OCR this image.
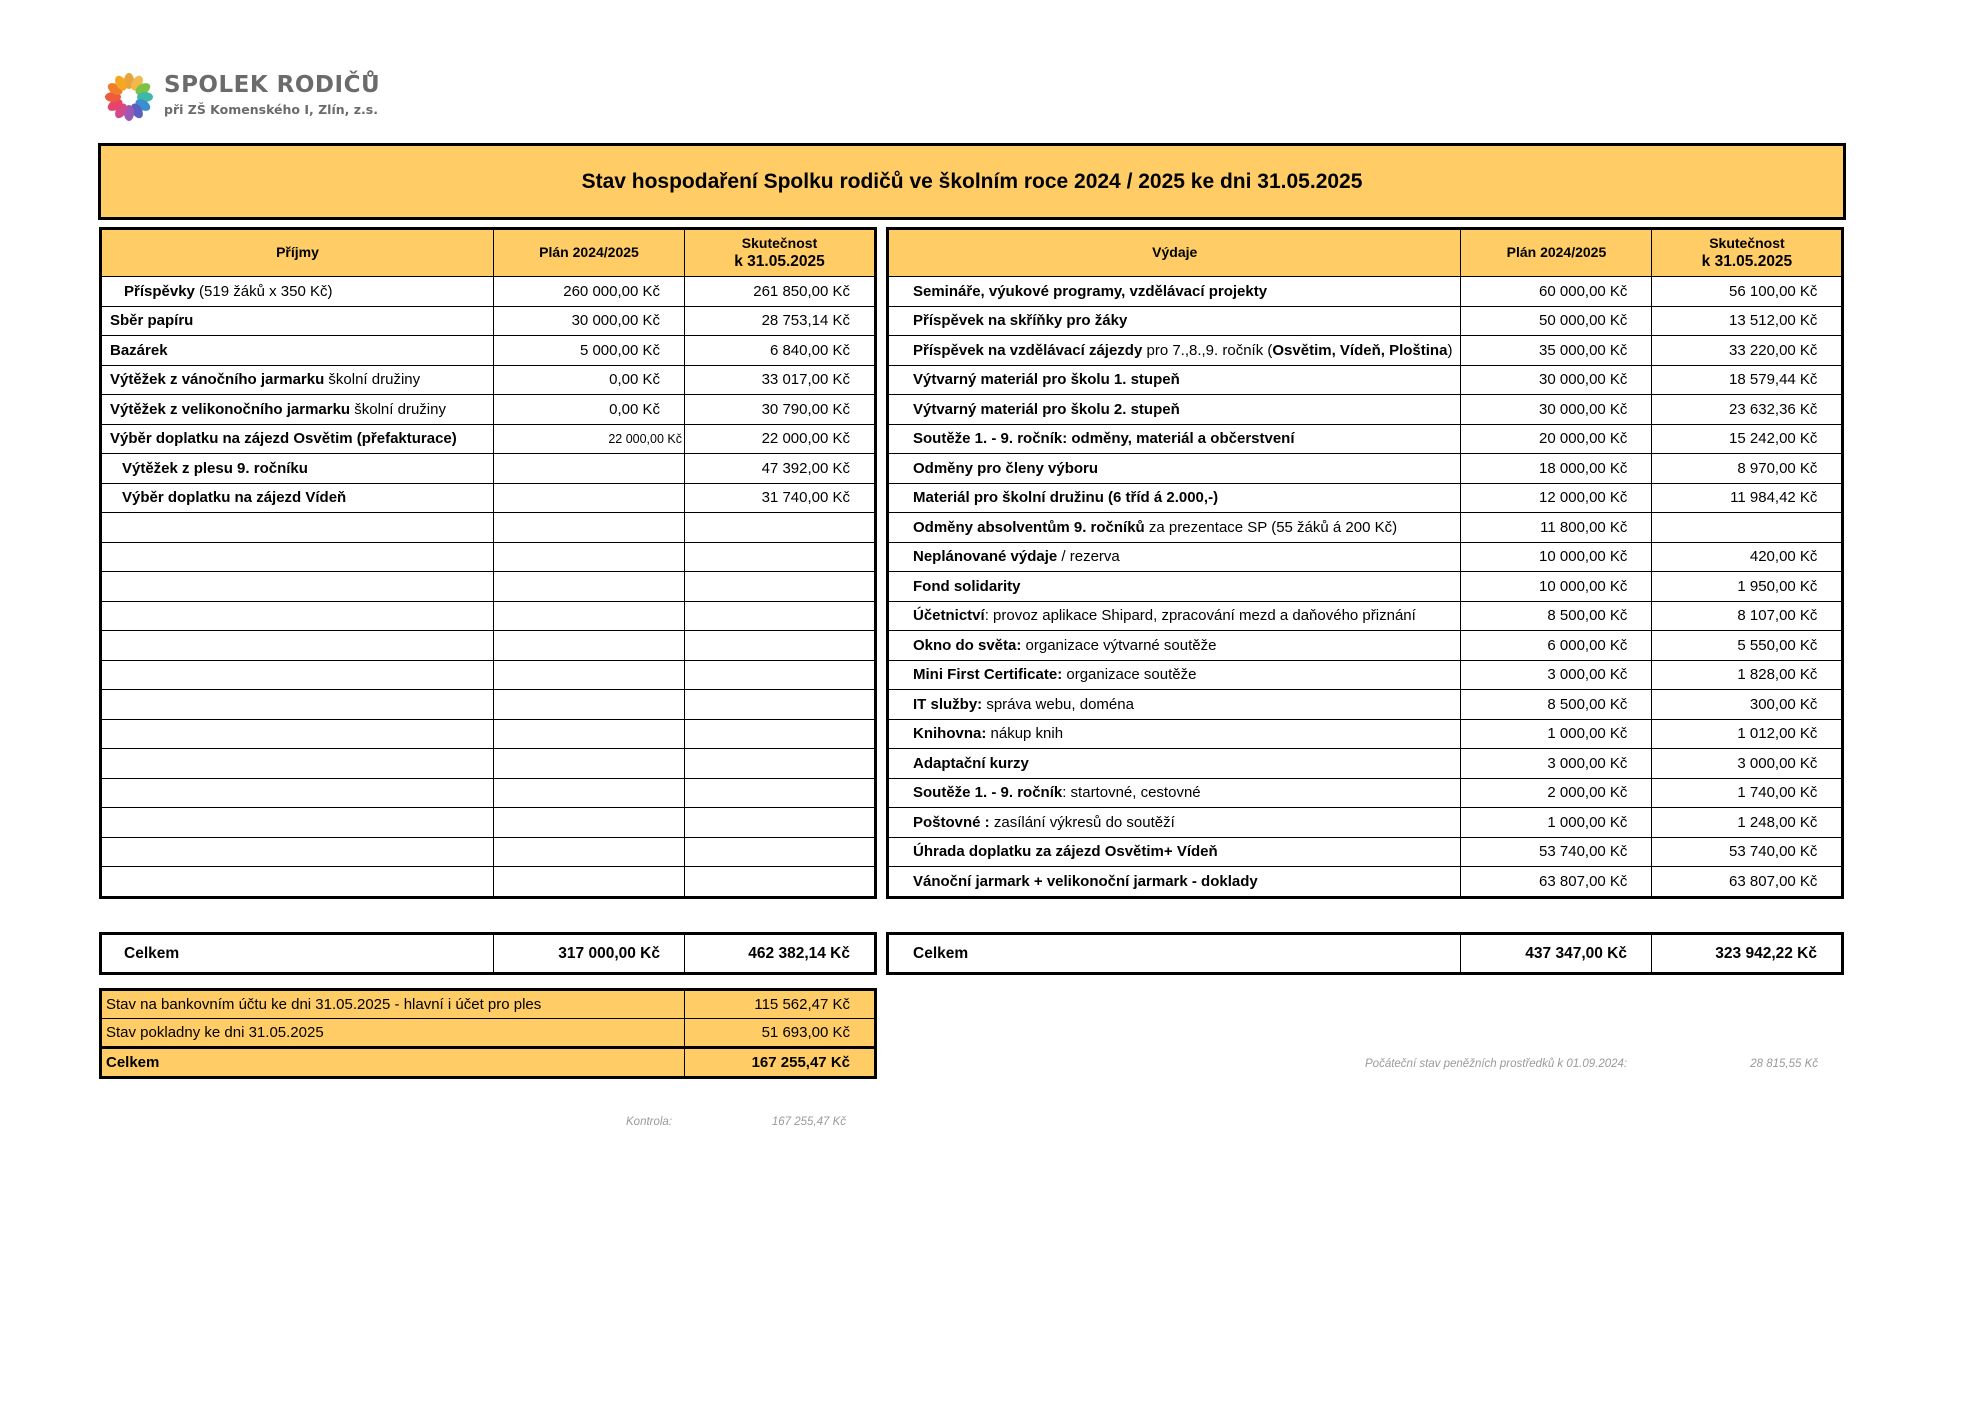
SPOLEK RODIČŮ
při ZŠ Komenského I, Zlín, z.s.
Stav hospodaření Spolku rodičů ve školním roce 2024 / 2025 ke dni 31.05.2025
Příjmy	Plán 2024/2025	Skutečnost
k 31.05.2025
Příspěvky (519 žáků x 350 Kč)	260 000,00 Kč	261 850,00 Kč
Sběr papíru	30 000,00 Kč	28 753,14 Kč
Bazárek	5 000,00 Kč	6 840,00 Kč
Výtěžek z vánočního jarmarku školní družiny	0,00 Kč	33 017,00 Kč
Výtěžek z velikonočního jarmarku školní družiny	0,00 Kč	30 790,00 Kč
Výběr doplatku na zájezd Osvětim (přefakturace)	22 000,00 Kč	22 000,00 Kč
Výtěžek z plesu 9. ročníku		47 392,00 Kč
Výběr doplatku na zájezd Vídeň		31 740,00 Kč

Výdaje	Plán 2024/2025	Skutečnost
k 31.05.2025
Semináře, výukové programy, vzdělávací projekty	60 000,00 Kč	56 100,00 Kč
Příspěvek na skříňky pro žáky	50 000,00 Kč	13 512,00 Kč
Příspěvek na vzdělávací zájezdy pro 7.,8.,9. ročník (Osvětim, Vídeň, Ploština)	35 000,00 Kč	33 220,00 Kč
Výtvarný materiál pro školu 1. stupeň	30 000,00 Kč	18 579,44 Kč
Výtvarný materiál pro školu 2. stupeň	30 000,00 Kč	23 632,36 Kč
Soutěže 1. - 9. ročník: odměny, materiál a občerstvení	20 000,00 Kč	15 242,00 Kč
Odměny pro členy výboru	18 000,00 Kč	8 970,00 Kč
Materiál pro školní družinu (6 tříd á 2.000,-)	12 000,00 Kč	11 984,42 Kč
Odměny absolventům 9. ročníků za prezentace SP (55 žáků á 200 Kč)	11 800,00 Kč	
Neplánované výdaje / rezerva	10 000,00 Kč	420,00 Kč
Fond solidarity	10 000,00 Kč	1 950,00 Kč
Účetnictví: provoz aplikace Shipard, zpracování mezd a daňového přiznání	8 500,00 Kč	8 107,00 Kč
Okno do světa: organizace výtvarné soutěže	6 000,00 Kč	5 550,00 Kč
Mini First Certificate: organizace soutěže	3 000,00 Kč	1 828,00 Kč
IT služby: správa webu, doména	8 500,00 Kč	300,00 Kč
Knihovna: nákup knih	1 000,00 Kč	1 012,00 Kč
Adaptační kurzy	3 000,00 Kč	3 000,00 Kč
Soutěže 1. - 9. ročník: startovné, cestovné	2 000,00 Kč	1 740,00 Kč
Poštovné : zasílání výkresů do soutěží	1 000,00 Kč	1 248,00 Kč
Úhrada doplatku za zájezd Osvětim+ Vídeň	53 740,00 Kč	53 740,00 Kč
Vánoční jarmark + velikonoční jarmark - doklady	63 807,00 Kč	63 807,00 Kč
Celkem	317 000,00 Kč	462 382,14 Kč	Celkem	437 347,00 Kč	323 942,22 Kč
Stav na bankovním účtu ke dni 31.05.2025 - hlavní i účet pro ples	115 562,47 Kč
Stav pokladny ke dni 31.05.2025	51 693,00 Kč
Celkem	167 255,47 Kč	Počáteční stav peněžních prostředků k 01.09.2024:	28 815,55 Kč
Kontrola:	167 255,47 Kč
